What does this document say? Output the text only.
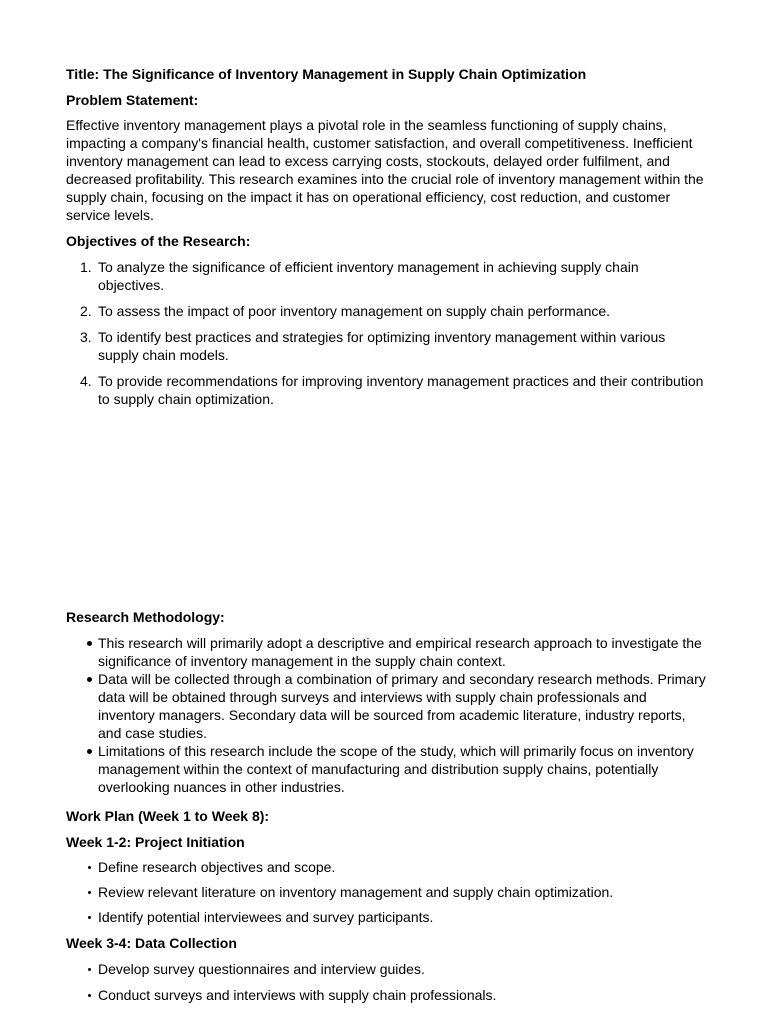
Title: The Significance of Inventory Management in Supply Chain Optimization

Problem Statement:

Effective inventory management plays a pivotal role in the seamless functioning of supply chains, impacting a company's financial health, customer satisfaction, and overall competitiveness. Inefficient inventory management can lead to excess carrying costs, stockouts, delayed order fulfilment, and decreased profitability. This research examines into the crucial role of inventory management within the supply chain, focusing on the impact it has on operational efficiency, cost reduction, and customer service levels.

Objectives of the Research:

1. To analyze the significance of efficient inventory management in achieving supply chain objectives.
2. To assess the impact of poor inventory management on supply chain performance.
3. To identify best practices and strategies for optimizing inventory management within various supply chain models.
4. To provide recommendations for improving inventory management practices and their contribution to supply chain optimization.

Research Methodology:

This research will primarily adopt a descriptive and empirical research approach to investigate the significance of inventory management in the supply chain context.
Data will be collected through a combination of primary and secondary research methods. Primary data will be obtained through surveys and interviews with supply chain professionals and inventory managers. Secondary data will be sourced from academic literature, industry reports, and case studies.
Limitations of this research include the scope of the study, which will primarily focus on inventory management within the context of manufacturing and distribution supply chains, potentially overlooking nuances in other industries.

Work Plan (Week 1 to Week 8):

Week 1-2: Project Initiation

Define research objectives and scope.
Review relevant literature on inventory management and supply chain optimization.
Identify potential interviewees and survey participants.

Week 3-4: Data Collection

Develop survey questionnaires and interview guides.
Conduct surveys and interviews with supply chain professionals.
